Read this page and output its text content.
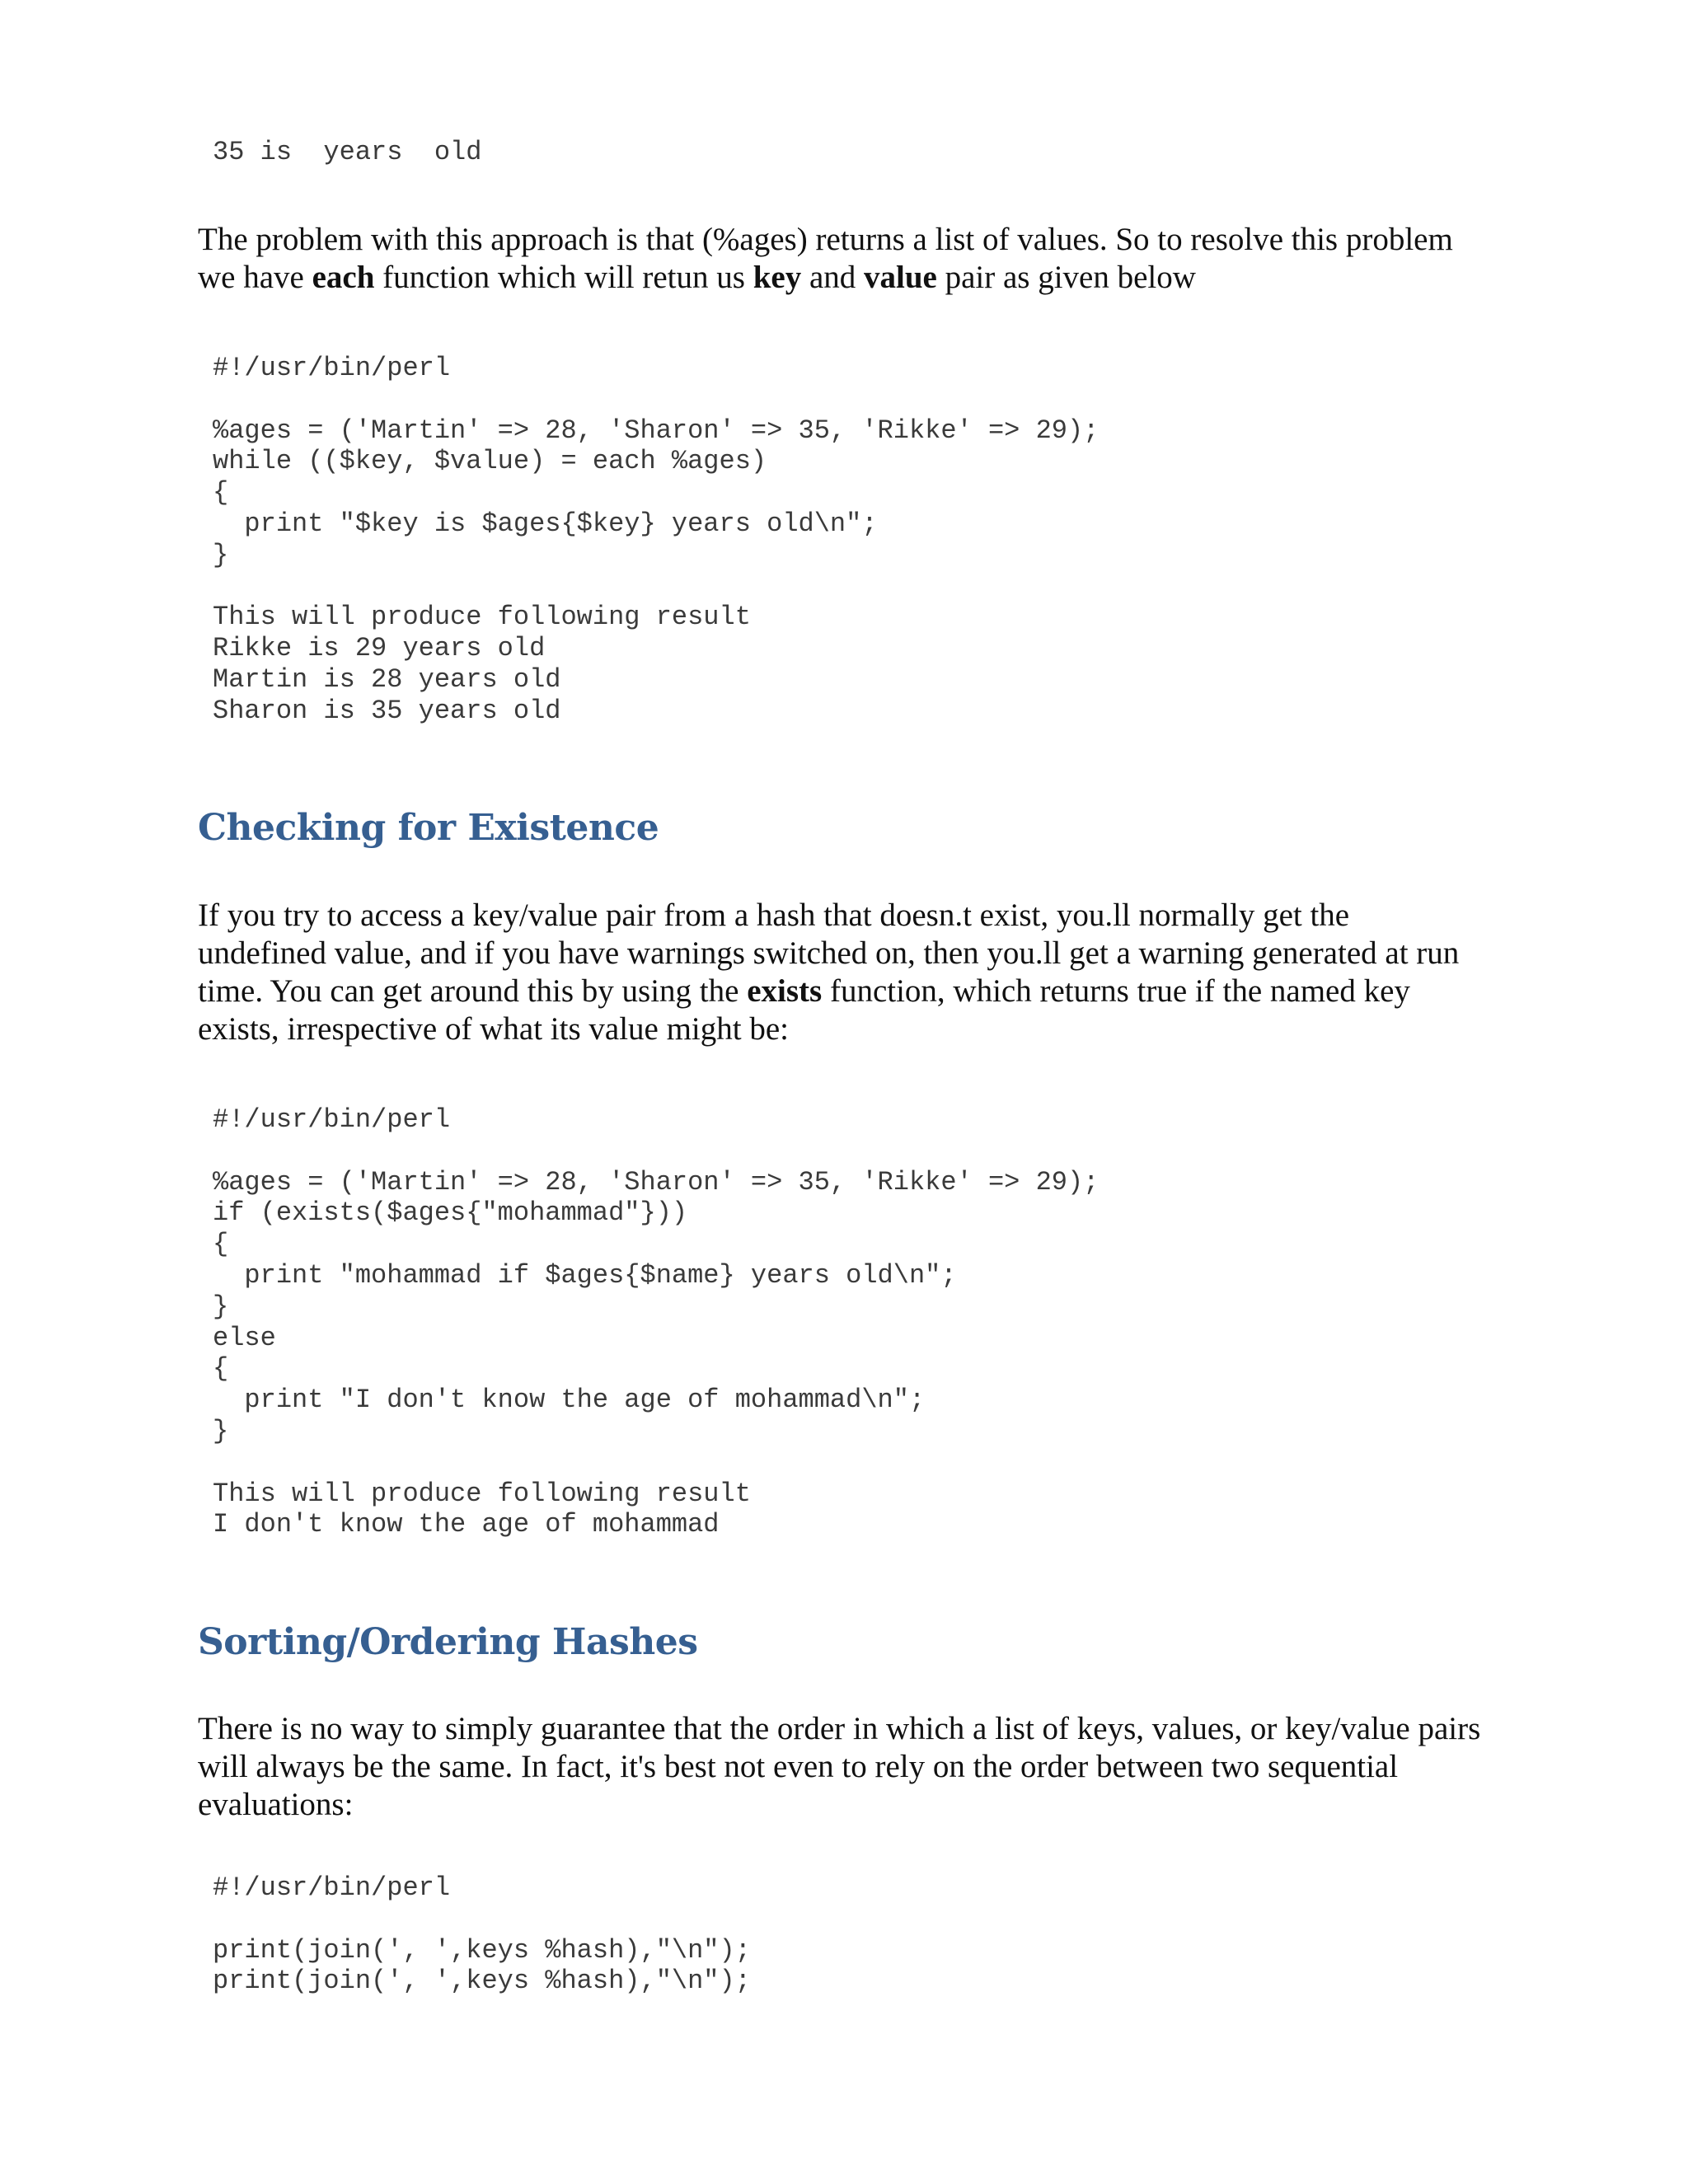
35 is  years  old

The problem with this approach is that (%ages) returns a list of values. So to resolve this problem we have each function which will retun us key and value pair as given below

#!/usr/bin/perl

%ages = ('Martin' => 28, 'Sharon' => 35, 'Rikke' => 29);
while (($key, $value) = each %ages)
{
print "$key is $ages{$key} years old\n";
}

This will produce following result
Rikke is 29 years old
Martin is 28 years old
Sharon is 35 years old
Checking for Existence

If you try to access a key/value pair from a hash that doesn.t exist, you.ll normally get the undefined value, and if you have warnings switched on, then you.ll get a warning generated at run time. You can get around this by using the exists function, which returns true if the named key exists, irrespective of what its value might be:

#!/usr/bin/perl

%ages = ('Martin' => 28, 'Sharon' => 35, 'Rikke' => 29);
if (exists($ages{"mohammad"}))
{
print "mohammad if $ages{$name} years old\n";
}
else
{
print "I don't know the age of mohammad\n";
}

This will produce following result
I don't know the age of mohammad
Sorting/Ordering Hashes

There is no way to simply guarantee that the order in which a list of keys, values, or key/value pairs will always be the same. In fact, it's best not even to rely on the order between two sequential evaluations:

#!/usr/bin/perl

print(join(', ',keys %hash),"\n");
print(join(', ',keys %hash),"\n");
